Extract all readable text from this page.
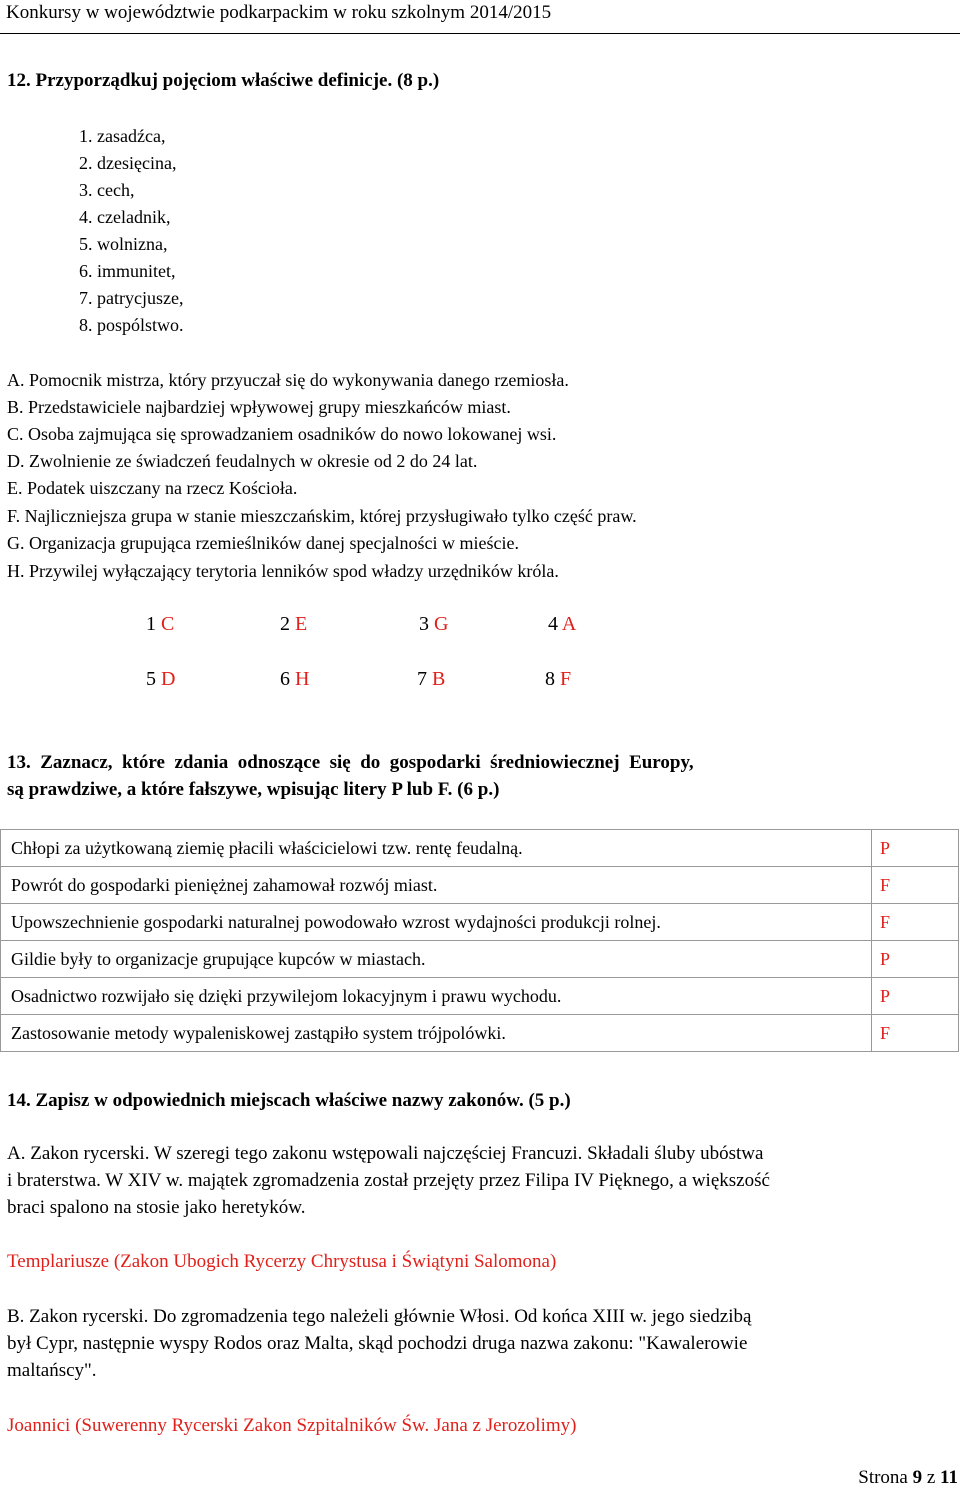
Konkursy w województwie podkarpackim w roku szkolnym 2014/2015
12. Przyporządkuj pojęciom właściwe definicje. (8 p.)
1. zasadźca,
2. dzesięcina,
3. cech,
4. czeladnik,
5. wolnizna,
6. immunitet,
7. patrycjusze,
8. pospólstwo.
A. Pomocnik mistrza, który przyuczał się do wykonywania danego rzemiosła.
B. Przedstawiciele najbardziej wpływowej grupy mieszkańców miast.
C. Osoba zajmująca się sprowadzaniem osadników do nowo lokowanej wsi.
D. Zwolnienie ze świadczeń feudalnych w okresie od 2 do 24 lat.
E. Podatek uiszczany na rzecz Kościoła.
F. Najliczniejsza grupa w stanie mieszczańskim, której przysługiwało tylko część praw.
G. Organizacja grupująca rzemieślników danej specjalności w mieście.
H. Przywilej wyłączający terytoria lenników spod władzy urzędników króla.
1 C	2 E	3 G	4 A
5 D	6 H	7 B	8 F
13.  Zaznacz,  które  zdania  odnoszące  się  do  gospodarki  średniowiecznej  Europy,
są prawdziwe, a które fałszywe, wpisując litery P lub F. (6 p.)
Chłopi za użytkowaną ziemię płacili właścicielowi tzw. rentę feudalną.	P
Powrót do gospodarki pieniężnej zahamował rozwój miast.	F
Upowszechnienie gospodarki naturalnej powodowało wzrost wydajności produkcji rolnej.	F
Gildie były to organizacje grupujące kupców w miastach.	P
Osadnictwo rozwijało się dzięki przywilejom lokacyjnym i prawu wychodu.	P
Zastosowanie metody wypaleniskowej zastąpiło system trójpolówki.	F
14. Zapisz w odpowiednich miejscach właściwe nazwy zakonów. (5 p.)
A. Zakon rycerski. W szeregi tego zakonu wstępowali najczęściej Francuzi. Składali śluby ubóstwa
i braterstwa. W XIV w. majątek zgromadzenia został przejęty przez Filipa IV Pięknego, a większość
braci spalono na stosie jako heretyków.
Templariusze (Zakon Ubogich Rycerzy Chrystusa i Świątyni Salomona)
B. Zakon rycerski. Do zgromadzenia tego należeli głównie Włosi. Od końca XIII w. jego siedzibą
był Cypr, następnie wyspy Rodos oraz Malta, skąd pochodzi druga nazwa zakonu: "Kawalerowie
maltańscy".
Joannici (Suwerenny Rycerski Zakon Szpitalników Św. Jana z Jerozolimy)
Strona 9 z 11
